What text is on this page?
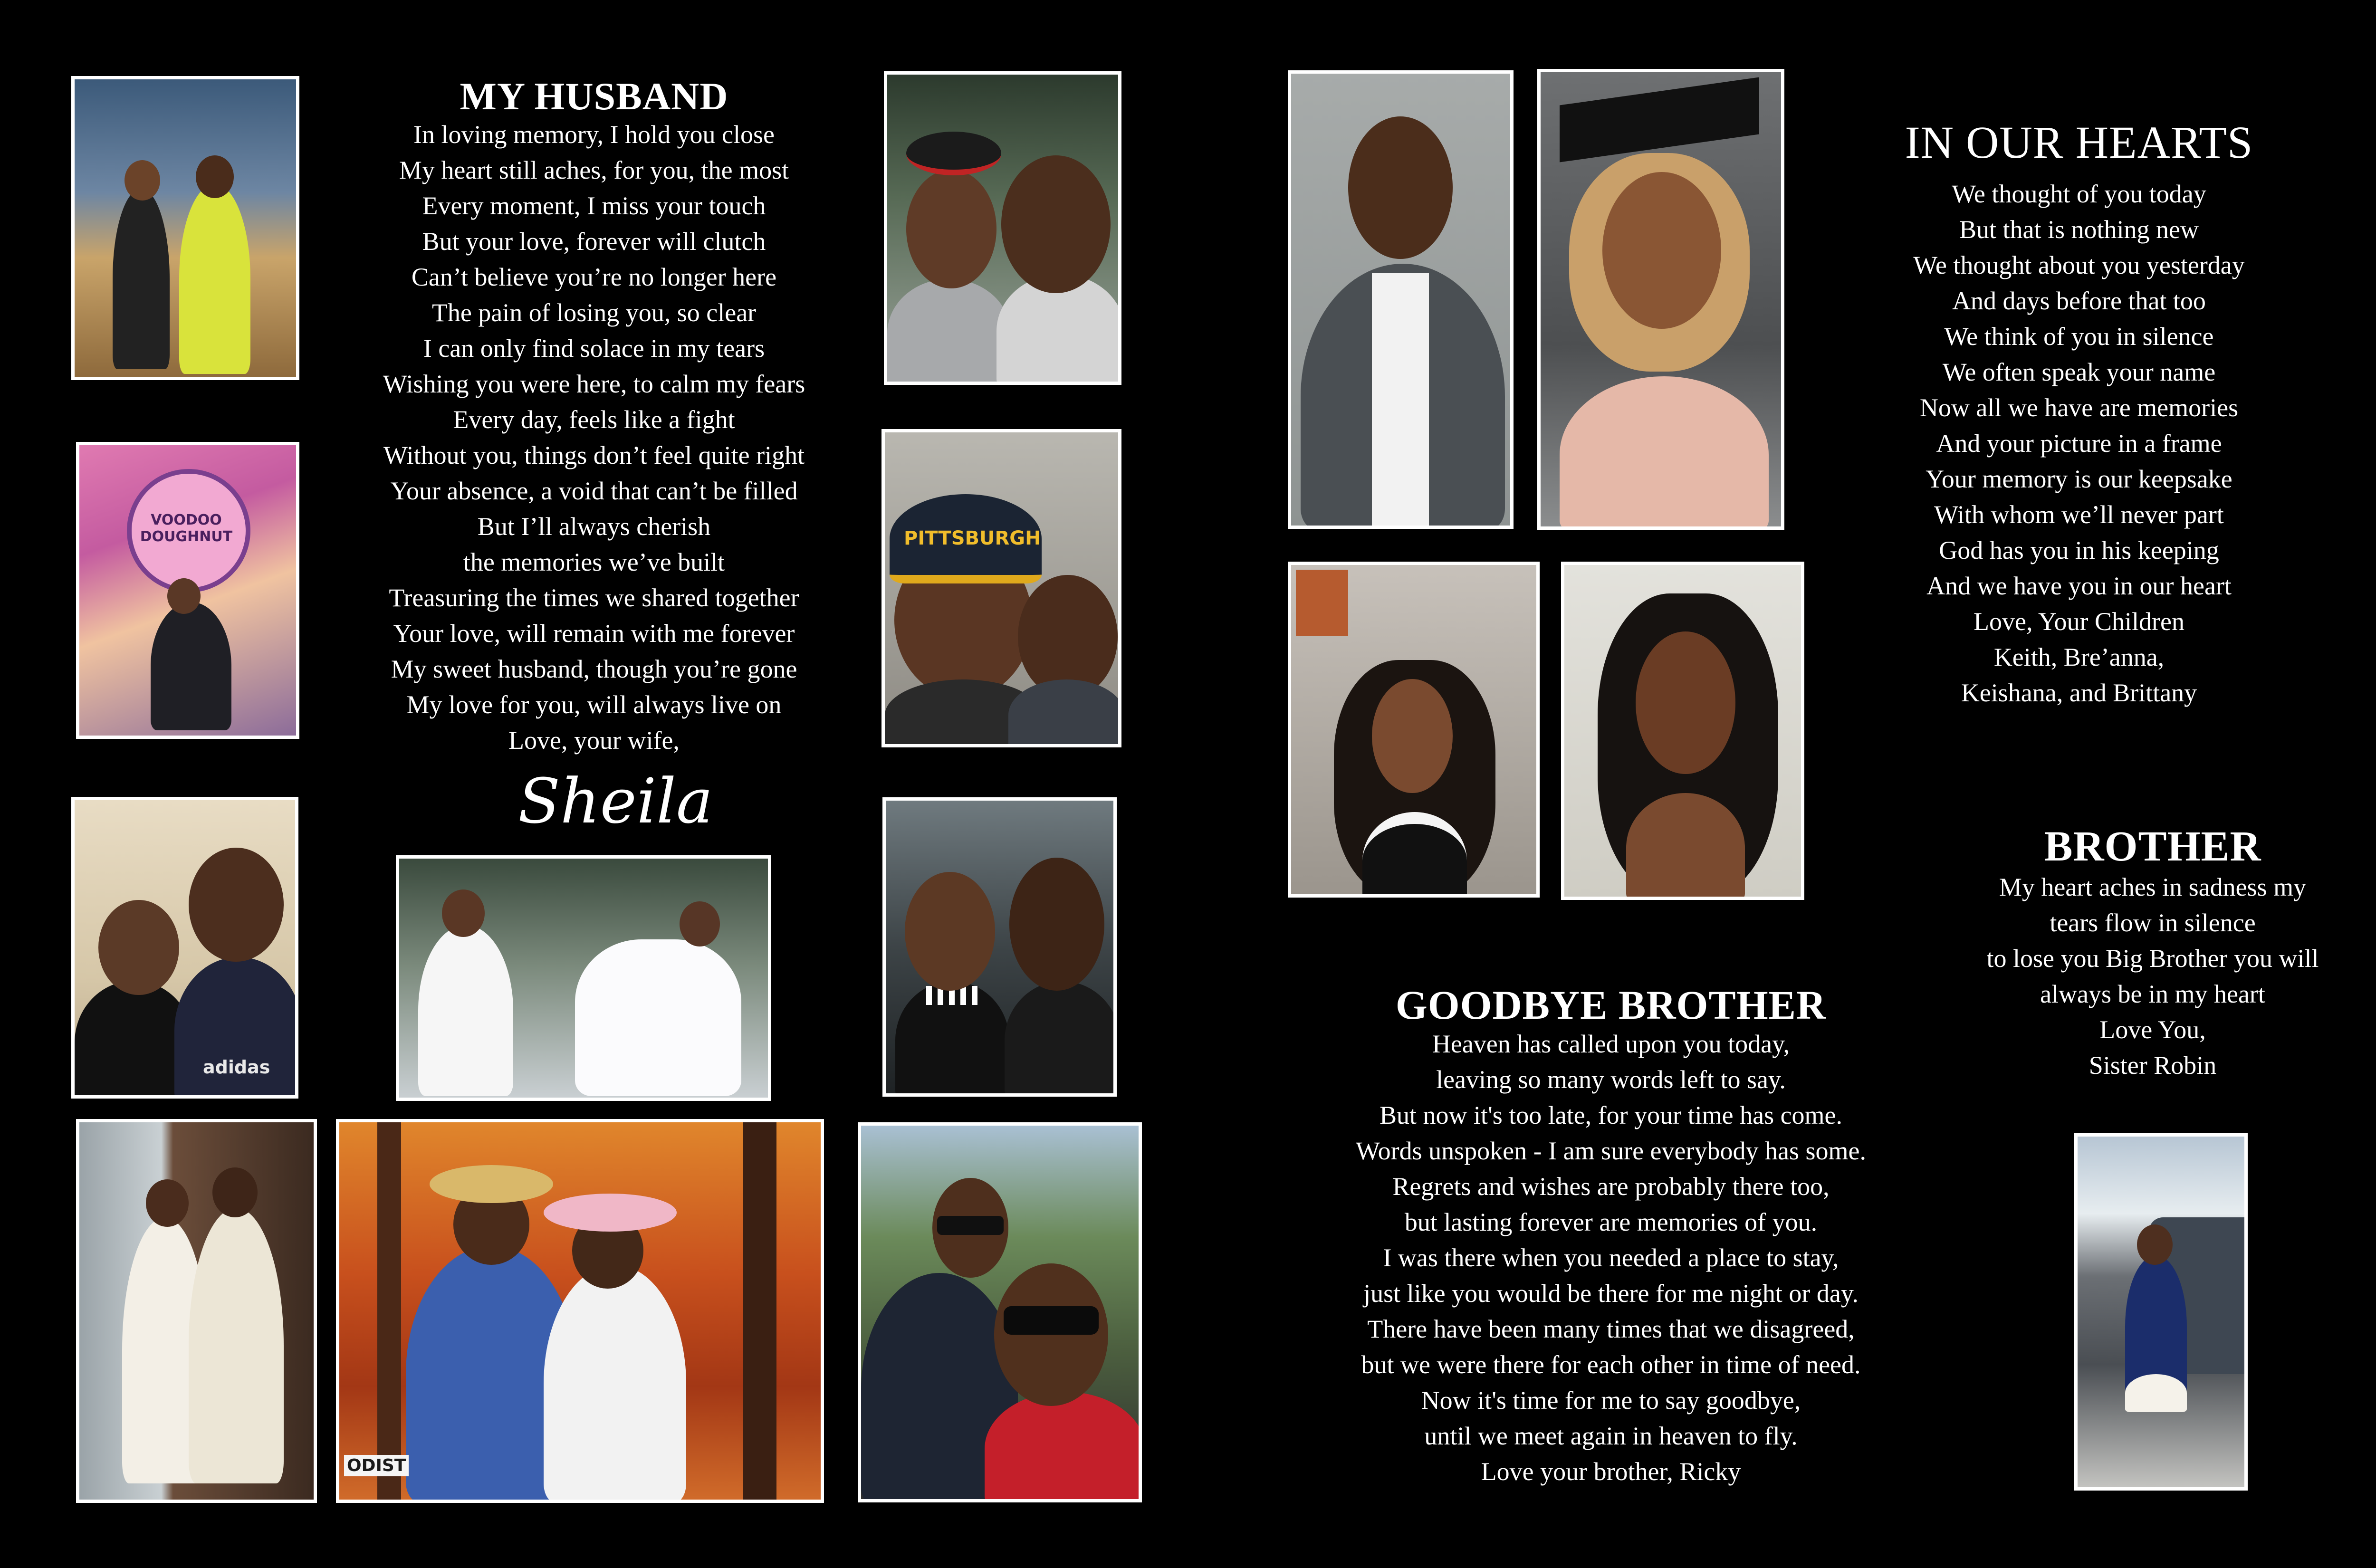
VOODOO DOUGHNUT
adidas
ODIST
PITTSBURGH
MY HUSBAND
In loving memory, I hold you close
My heart still aches, for you, the most
Every moment, I miss your touch
But your love, forever will clutch
Can’t believe you’re no longer here
The pain of losing you, so clear
I can only find solace in my tears
Wishing you were here, to calm my fears
Every day, feels like a fight
Without you, things don’t feel quite right
Your absence, a void that can’t be filled
But I’ll always cherish
the memories we’ve built
Treasuring the times we shared together
Your love, will remain with me forever
My sweet husband, though you’re gone
My love for you, will always live on
Love, your wife,
Sheila
IN OUR HEARTS
We thought of you today
But that is nothing new
We thought about you yesterday
And days before that too
We think of you in silence
We often speak your name
Now all we have are memories
And your picture in a frame
Your memory is our keepsake
With whom we’ll never part
God has you in his keeping
And we have you in our heart
Love, Your Children
Keith, Bre’anna,
Keishana, and Brittany
BROTHER
My heart aches in sadness my
tears flow in silence
to lose you Big Brother you will
always be in my heart
Love You,
Sister Robin
GOODBYE BROTHER
Heaven has called upon you today,
leaving so many words left to say.
But now it's too late, for your time has come.
Words unspoken - I am sure everybody has some.
Regrets and wishes are probably there too,
but lasting forever are memories of you.
I was there when you needed a place to stay,
just like you would be there for me night or day.
There have been many times that we disagreed,
but we were there for each other in time of need.
Now it's time for me to say goodbye,
until we meet again in heaven to fly.
Love your brother, Ricky
